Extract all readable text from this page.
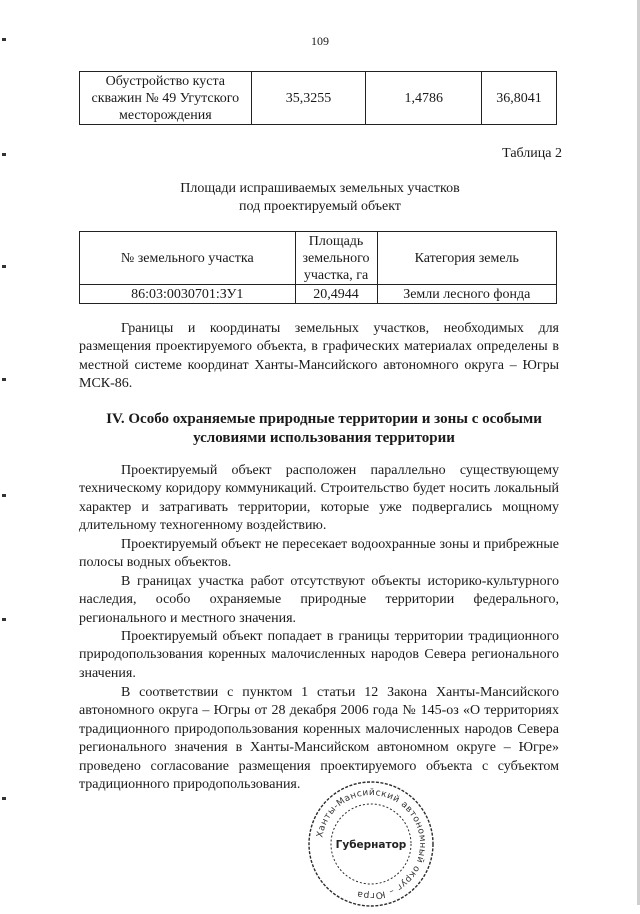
109
Обустройство куста скважин № 49 Угутского месторождения	35,3255	1,4786	36,8041
Таблица 2
Площади испрашиваемых земельных участков
под проектируемый объект
№ земельного участка	Площадь земельного участка, га	Категория земель
86:03:0030701:ЗУ1	20,4944	Земли лесного фонда

Границы и координаты земельных участков, необходимых для размещения проектируемого объекта, в графических материалах определены в местной системе координат Ханты-Мансийского автономного округа – Югры МСК-86.

IV. Особо охраняемые природные территории и зоны с особыми
условиями использования территории

Проектируемый объект расположен параллельно существующему техническому коридору коммуникаций. Строительство будет носить локальный характер и затрагивать территории, которые уже подвергались мощному длительному техногенному воздействию.

Проектируемый объект не пересекает водоохранные зоны и прибрежные полосы водных объектов.

В границах участка работ отсутствуют объекты историко-культурного наследия, особо охраняемые природные территории федерального, регионального и местного значения.

Проектируемый объект попадает в границы территории традиционного природопользования коренных малочисленных народов Севера регионального значения.

В соответствии с пунктом 1 статьи 12 Закона Ханты-Мансийского автономного округа – Югры от 28 декабря 2006 года № 145-оз «О территориях традиционного природопользования коренных малочисленных народов Севера регионального значения в Ханты-Мансийском автономном округе – Югре» проведено согласование размещения проектируемого объекта с субъектом традиционного природопользования.

Ханты-Мансийский автономный округ – Югра
Губернатор
